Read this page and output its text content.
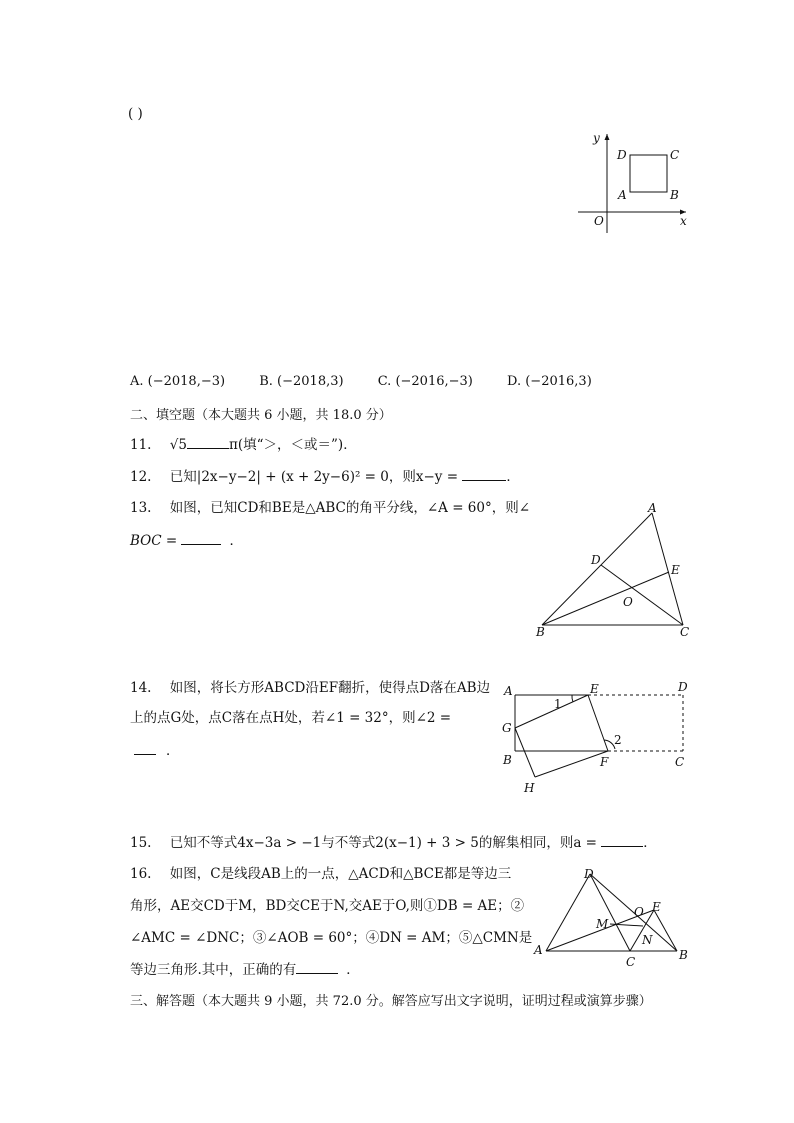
( )
y
x
O
D	C
A	B
A. (−2018,−3)	B. (−2018,3)	C. (−2016,−3)	D. (−2016,3)
二、填空题（本大题共 6 小题，共 18.0 分）
11. √5	π(填“＞，＜或＝”)．
12. 已知|2x−y−2| + (x + 2y−6)² = 0，则x−y =	．
13. 如图，已知CD和BE是△ABC的角平分线，∠A = 60°，则∠
BOC =	．
A
B	C
D
E
O
14. 如图，将长方形ABCD沿EF翻折，使得点D落在AB边
上的点G处，点C落在点H处，若∠1 = 32°，则∠2 =
．
A	E	D
G
B	F	C
H
1
2
15. 已知不等式4x−3a > −1与不等式2(x−1) + 3 > 5的解集相同，则a =	．
16. 如图，C是线段AB上的一点，△ACD和△BCE都是等边三
角形，AE交CD于M，BD交CE于N,交AE于O,则①DB = AE；②
∠AMC = ∠DNC；③∠AOB = 60°；④DN = AM；⑤△CMN是
等边三角形.其中，正确的有	．
D
E
O
M
N
A
C	B
三、解答题（本大题共 9 小题，共 72.0 分。解答应写出文字说明，证明过程或演算步骤）
